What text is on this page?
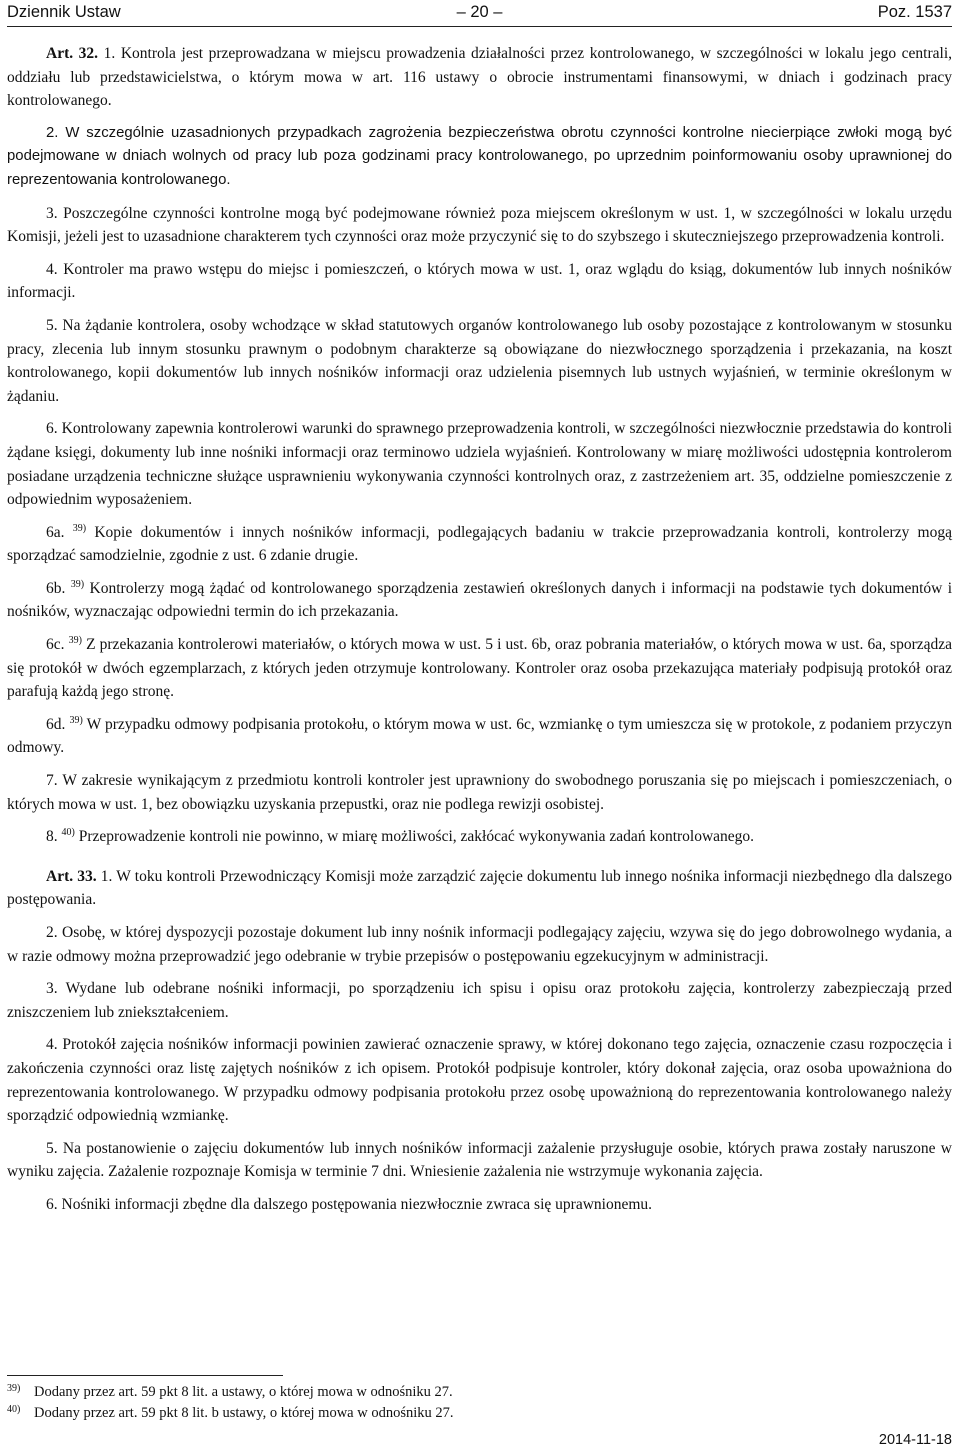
Dziennik Ustaw	– 20 –	Poz. 1537

Art. 32. 1. Kontrola jest przeprowadzana w miejscu prowadzenia działalności przez kontrolowanego, w szczególności w lokalu jego centrali, oddziału lub przedstawicielstwa, o którym mowa w art. 116 ustawy o obrocie instrumentami finansowymi, w dniach i godzinach pracy kontrolowanego.

2. W szczególnie uzasadnionych przypadkach zagrożenia bezpieczeństwa obrotu czynności kontrolne niecierpiące zwłoki mogą być podejmowane w dniach wolnych od pracy lub poza godzinami pracy kontrolowanego, po uprzednim poinformowaniu osoby uprawnionej do reprezentowania kontrolowanego.

3. Poszczególne czynności kontrolne mogą być podejmowane również poza miejscem określonym w ust. 1, w szczególności w lokalu urzędu Komisji, jeżeli jest to uzasadnione charakterem tych czynności oraz może przyczynić się to do szybszego i skuteczniejszego przeprowadzenia kontroli.

4. Kontroler ma prawo wstępu do miejsc i pomieszczeń, o których mowa w ust. 1, oraz wglądu do ksiąg, dokumentów lub innych nośników informacji.

5. Na żądanie kontrolera, osoby wchodzące w skład statutowych organów kontrolowanego lub osoby pozostające z kontrolowanym w stosunku pracy, zlecenia lub innym stosunku prawnym o podobnym charakterze są obowiązane do niezwłocznego sporządzenia i przekazania, na koszt kontrolowanego, kopii dokumentów lub innych nośników informacji oraz udzielenia pisemnych lub ustnych wyjaśnień, w terminie określonym w żądaniu.

6. Kontrolowany zapewnia kontrolerowi warunki do sprawnego przeprowadzenia kontroli, w szczególności niezwłocznie przedstawia do kontroli żądane księgi, dokumenty lub inne nośniki informacji oraz terminowo udziela wyjaśnień. Kontrolowany w miarę możliwości udostępnia kontrolerom posiadane urządzenia techniczne służące usprawnieniu wykonywania czynności kontrolnych oraz, z zastrzeżeniem art. 35, oddzielne pomieszczenie z odpowiednim wyposażeniem.

6a. $^{39)}$ Kopie dokumentów i innych nośników informacji, podlegających badaniu w trakcie przeprowadzania kontroli, kontrolerzy mogą sporządzać samodzielnie, zgodnie z ust. 6 zdanie drugie.

6b. $^{39)}$ Kontrolerzy mogą żądać od kontrolowanego sporządzenia zestawień określonych danych i informacji na podstawie tych dokumentów i nośników, wyznaczając odpowiedni termin do ich przekazania.

6c. $^{39)}$ Z przekazania kontrolerowi materiałów, o których mowa w ust. 5 i ust. 6b, oraz pobrania materiałów, o których mowa w ust. 6a, sporządza się protokół w dwóch egzemplarzach, z których jeden otrzymuje kontrolowany. Kontroler oraz osoba przekazująca materiały podpisują protokół oraz parafują każdą jego stronę.

6d. $^{39)}$ W przypadku odmowy podpisania protokołu, o którym mowa w ust. 6c, wzmiankę o tym umieszcza się w protokole, z podaniem przyczyn odmowy.

7. W zakresie wynikającym z przedmiotu kontroli kontroler jest uprawniony do swobodnego poruszania się po miejscach i pomieszczeniach, o których mowa w ust. 1, bez obowiązku uzyskania przepustki, oraz nie podlega rewizji osobistej.

8. $^{40)}$ Przeprowadzenie kontroli nie powinno, w miarę możliwości, zakłócać wykonywania zadań kontrolowanego.

Art. 33. 1. W toku kontroli Przewodniczący Komisji może zarządzić zajęcie dokumentu lub innego nośnika informacji niezbędnego dla dalszego postępowania.

2. Osobę, w której dyspozycji pozostaje dokument lub inny nośnik informacji podlegający zajęciu, wzywa się do jego dobrowolnego wydania, a w razie odmowy można przeprowadzić jego odebranie w trybie przepisów o postępowaniu egzekucyjnym w administracji.

3. Wydane lub odebrane nośniki informacji, po sporządzeniu ich spisu i opisu oraz protokołu zajęcia, kontrolerzy zabezpieczają przed zniszczeniem lub zniekształceniem.

4. Protokół zajęcia nośników informacji powinien zawierać oznaczenie sprawy, w której dokonano tego zajęcia, oznaczenie czasu rozpoczęcia i zakończenia czynności oraz listę zajętych nośników z ich opisem. Protokół podpisuje kontroler, który dokonał zajęcia, oraz osoba upoważniona do reprezentowania kontrolowanego. W przypadku odmowy podpisania protokołu przez osobę upoważnioną do reprezentowania kontrolowanego należy sporządzić odpowiednią wzmiankę.

5. Na postanowienie o zajęciu dokumentów lub innych nośników informacji zażalenie przysługuje osobie, których prawa zostały naruszone w wyniku zajęcia. Zażalenie rozpoznaje Komisja w terminie 7 dni. Wniesienie zażalenia nie wstrzymuje wykonania zajęcia.

6. Nośniki informacji zbędne dla dalszego postępowania niezwłocznie zwraca się uprawnionemu.

39) Dodany przez art. 59 pkt 8 lit. a ustawy, o której mowa w odnośniku 27.
40) Dodany przez art. 59 pkt 8 lit. b ustawy, o której mowa w odnośniku 27.
2014-11-18
